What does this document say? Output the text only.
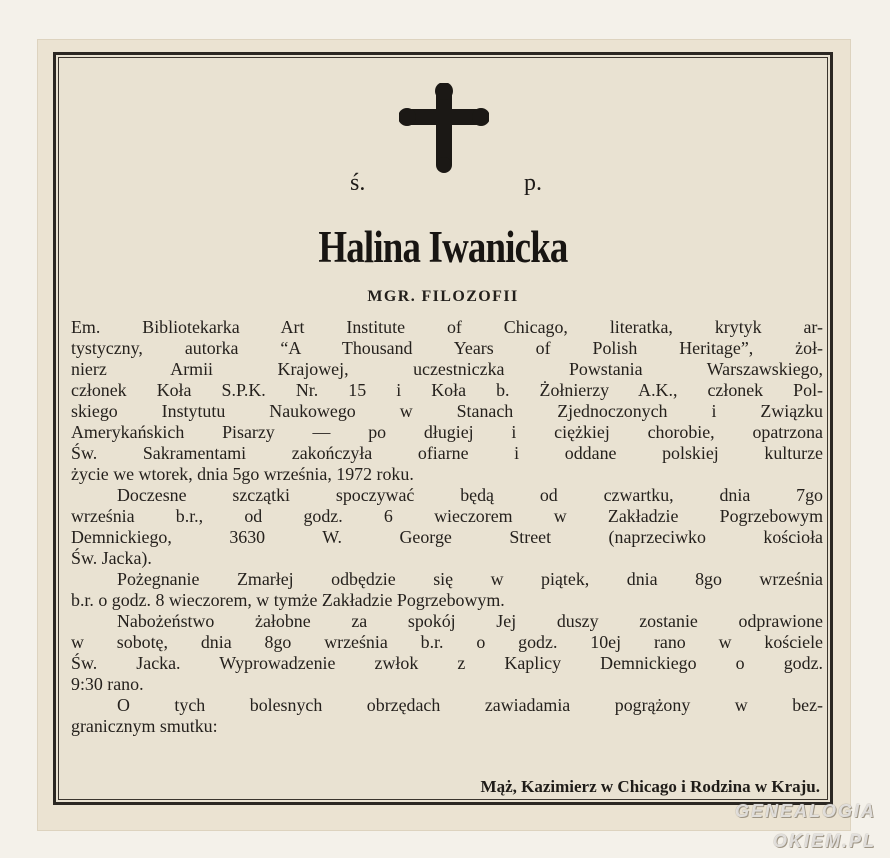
ś.	p.
Halina Iwanicka
MGR. FILOZOFII
Em. Bibliotekarka Art Institute of Chicago, literatka, krytyk ar-
tystyczny, autorka “A Thousand Years of Polish Heritage”, żoł-
nierz Armii Krajowej, uczestniczka Powstania Warszawskiego,
członek Koła S.P.K. Nr. 15 i Koła b. Żołnierzy A.K., członek Pol-
skiego Instytutu Naukowego w Stanach Zjednoczonych i Związku
Amerykańskich Pisarzy — po długiej i ciężkiej chorobie, opatrzona
Św. Sakramentami zakończyła ofiarne i oddane polskiej kulturze
życie we wtorek, dnia 5go września, 1972 roku.
Doczesne szczątki spoczywać będą od czwartku, dnia 7go
września b.r., od godz. 6 wieczorem w Zakładzie Pogrzebowym
Demnickiego, 3630 W. George Street (naprzeciwko kościoła
Św. Jacka).
Pożegnanie Zmarłej odbędzie się w piątek, dnia 8go września
b.r. o godz. 8 wieczorem, w tymże Zakładzie Pogrzebowym.
Nabożeństwo żałobne za spokój Jej duszy zostanie odprawione
w sobotę, dnia 8go września b.r. o godz. 10ej rano w kościele
Św. Jacka. Wyprowadzenie zwłok z Kaplicy Demnickiego o godz.
9:30 rano.
O tych bolesnych obrzędach zawiadamia pogrążony w bez-
granicznym smutku:
Mąż, Kazimierz w Chicago i Rodzina w Kraju.
GENEALOGIA
OKIEM.PL
